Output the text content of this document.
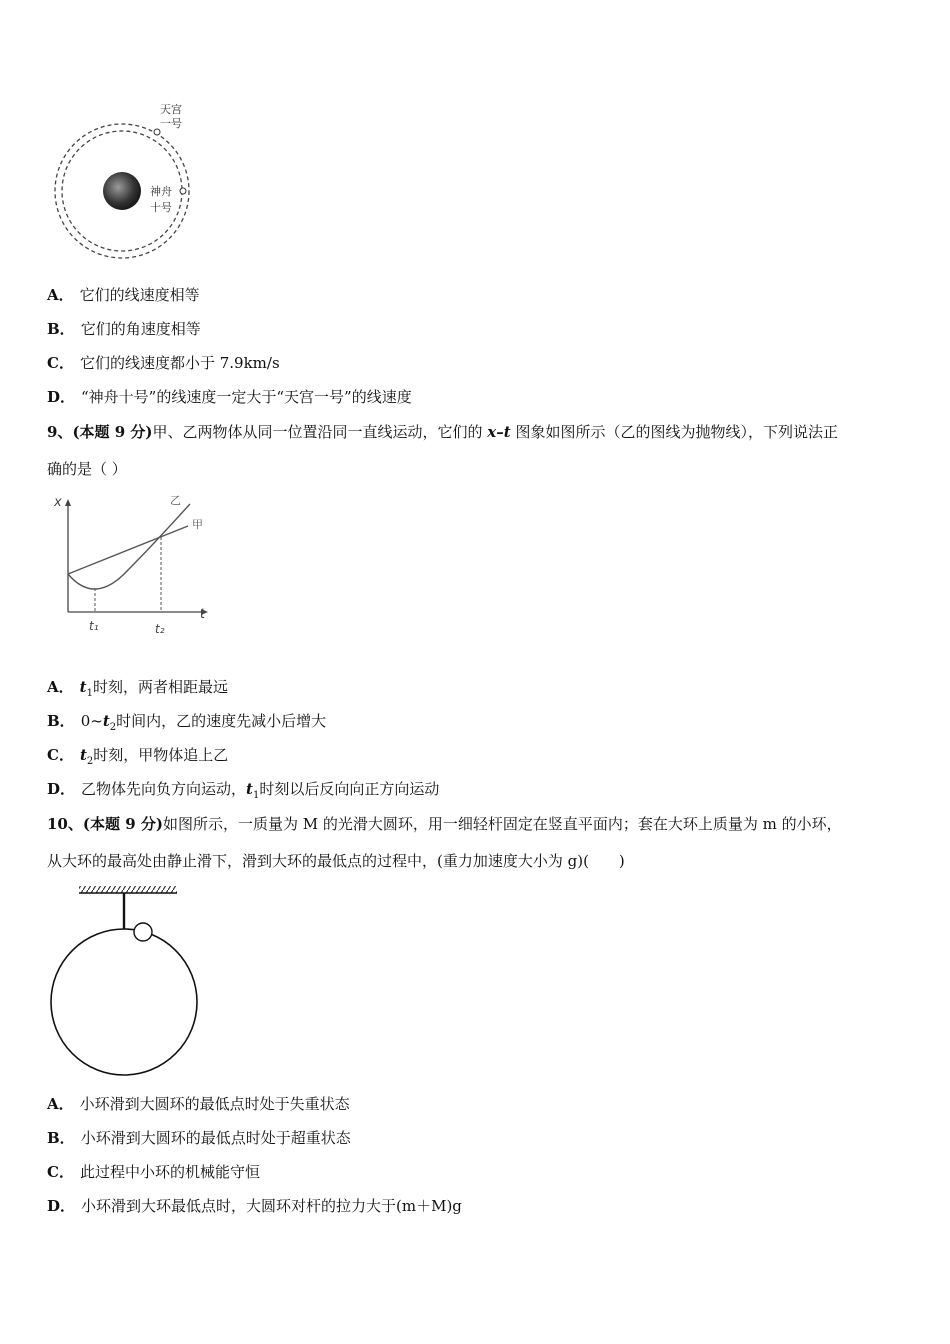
天宫
一号
神舟
十号
A． 它们的线速度相等
B． 它们的角速度相等
C． 它们的线速度都小于 7.9km/s
D． “神舟十号”的线速度一定大于“天宫一号”的线速度
9、(本题 9 分)甲、乙两物体从同一位置沿同一直线运动，它们的 x–t 图象如图所示（乙的图线为抛物线），下列说法正
确的是（ ）
x
t
t₁	t₂
乙
甲
A． $t_1$时刻，两者相距最远
B． $0\sim t_2$时间内，乙的速度先减小后增大
C． $t_2$时刻，甲物体追上乙
D． 乙物体先向负方向运动，$t_1$时刻以后反向向正方向运动
10、(本题 9 分)如图所示，一质量为 M 的光滑大圆环，用一细轻杆固定在竖直平面内；套在大环上质量为 m 的小环，
从大环的最高处由静止滑下，滑到大环的最低点的过程中，(重力加速度大小为 g)(　　)
A． 小环滑到大圆环的最低点时处于失重状态
B． 小环滑到大圆环的最低点时处于超重状态
C． 此过程中小环的机械能守恒
D． 小环滑到大环最低点时，大圆环对杆的拉力大于(m＋M)g
